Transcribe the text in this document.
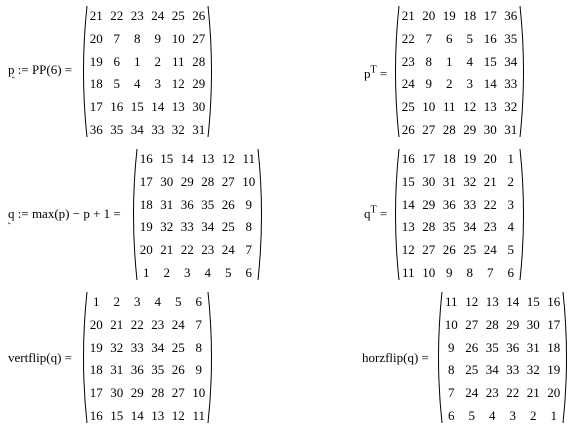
p := PP(6) =
21 22 23 24 25 26
20 7	8	9 10 27
19 6	1	2 11 28
18 5	4	3 12 29
17 16 15 14 13 30
36 35 34 33 32 31
$p^T$ =
21 20 19 18 17 36
22 7	6	5 16 35
23 8	1	4 15 34
24 9	2	3 14 33
25 10 11 12 13 32
26 27 28 29 30 31
q := max(p) − p + 1 =
16 15 14 13 12 11
17 30 29 28 27 10
18 31 36 35 26 9
19 32 33 34 25 8
20 21 22 23 24 7
1	2	3	4	5	6
$q^T$ =
16 17 18 19 20 1
15 30 31 32 21 2
14 29 36 33 22 3
13 28 35 34 23 4
12 27 26 25 24 5
11 10 9	8	7	6
vertflip(q) =
1	2	3	4	5	6
20 21 22 23 24 7
19 32 33 34 25 8
18 31 36 35 26 9
17 30 29 28 27 10
16 15 14 13 12 11
horzflip(q) =
11 12 13 14 15 16
10 27 28 29 30 17
9 26 35 36 31 18
8 25 34 33 32 19
7 24 23 22 21 20
6	5	4	3	2	1
